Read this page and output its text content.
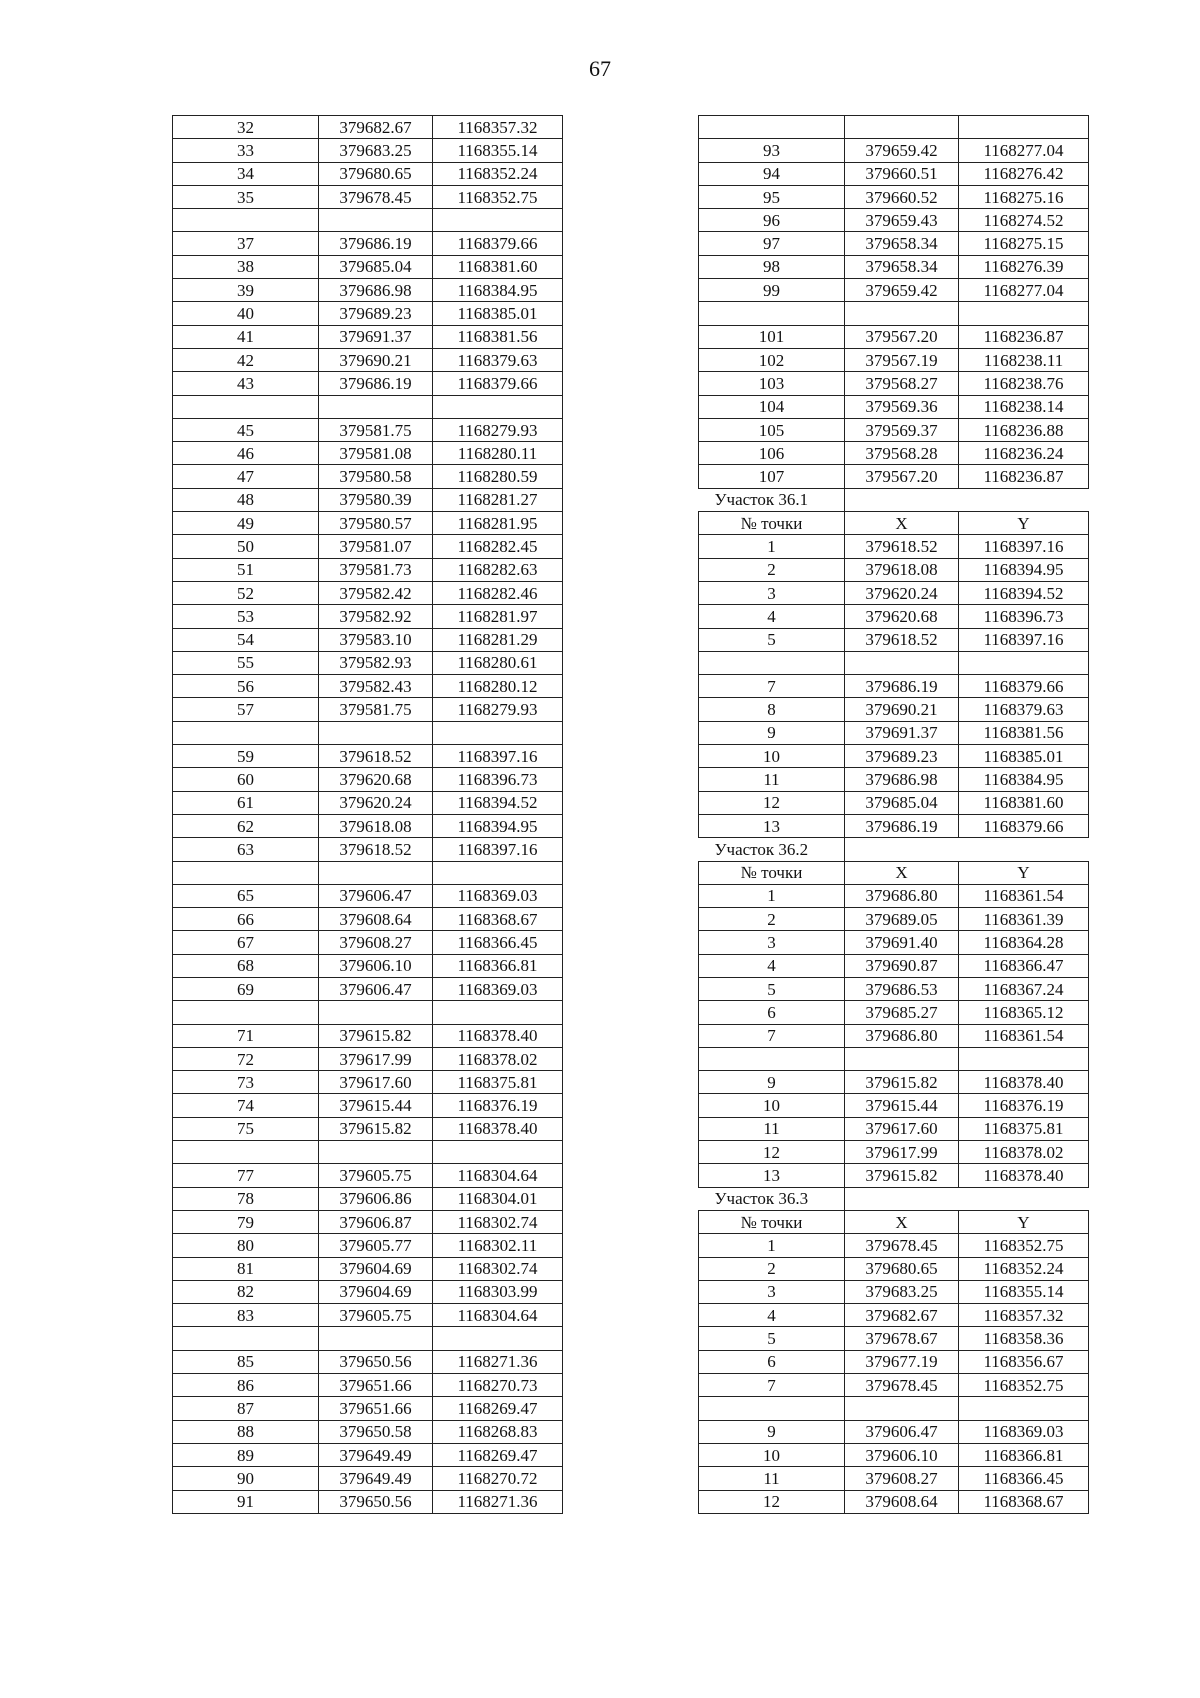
67
32	379682.67	1168357.32
33	379683.25	1168355.14
34	379680.65	1168352.24
35	379678.45	1168352.75

37	379686.19	1168379.66
38	379685.04	1168381.60
39	379686.98	1168384.95
40	379689.23	1168385.01
41	379691.37	1168381.56
42	379690.21	1168379.63
43	379686.19	1168379.66

45	379581.75	1168279.93
46	379581.08	1168280.11
47	379580.58	1168280.59
48	379580.39	1168281.27
49	379580.57	1168281.95
50	379581.07	1168282.45
51	379581.73	1168282.63
52	379582.42	1168282.46
53	379582.92	1168281.97
54	379583.10	1168281.29
55	379582.93	1168280.61
56	379582.43	1168280.12
57	379581.75	1168279.93

59	379618.52	1168397.16
60	379620.68	1168396.73
61	379620.24	1168394.52
62	379618.08	1168394.95
63	379618.52	1168397.16

65	379606.47	1168369.03
66	379608.64	1168368.67
67	379608.27	1168366.45
68	379606.10	1168366.81
69	379606.47	1168369.03

71	379615.82	1168378.40
72	379617.99	1168378.02
73	379617.60	1168375.81
74	379615.44	1168376.19
75	379615.82	1168378.40

77	379605.75	1168304.64
78	379606.86	1168304.01
79	379606.87	1168302.74
80	379605.77	1168302.11
81	379604.69	1168302.74
82	379604.69	1168303.99
83	379605.75	1168304.64

85	379650.56	1168271.36
86	379651.66	1168270.73
87	379651.66	1168269.47
88	379650.58	1168268.83
89	379649.49	1168269.47
90	379649.49	1168270.72
91	379650.56	1168271.36

93	379659.42	1168277.04
94	379660.51	1168276.42
95	379660.52	1168275.16
96	379659.43	1168274.52
97	379658.34	1168275.15
98	379658.34	1168276.39
99	379659.42	1168277.04

101	379567.20	1168236.87
102	379567.19	1168238.11
103	379568.27	1168238.76
104	379569.36	1168238.14
105	379569.37	1168236.88
106	379568.28	1168236.24
107	379567.20	1168236.87
Участок 36.1		
№ точки	X	Y
1	379618.52	1168397.16
2	379618.08	1168394.95
3	379620.24	1168394.52
4	379620.68	1168396.73
5	379618.52	1168397.16

7	379686.19	1168379.66
8	379690.21	1168379.63
9	379691.37	1168381.56
10	379689.23	1168385.01
11	379686.98	1168384.95
12	379685.04	1168381.60
13	379686.19	1168379.66
Участок 36.2		
№ точки	X	Y
1	379686.80	1168361.54
2	379689.05	1168361.39
3	379691.40	1168364.28
4	379690.87	1168366.47
5	379686.53	1168367.24
6	379685.27	1168365.12
7	379686.80	1168361.54

9	379615.82	1168378.40
10	379615.44	1168376.19
11	379617.60	1168375.81
12	379617.99	1168378.02
13	379615.82	1168378.40
Участок 36.3		
№ точки	X	Y
1	379678.45	1168352.75
2	379680.65	1168352.24
3	379683.25	1168355.14
4	379682.67	1168357.32
5	379678.67	1168358.36
6	379677.19	1168356.67
7	379678.45	1168352.75

9	379606.47	1168369.03
10	379606.10	1168366.81
11	379608.27	1168366.45
12	379608.64	1168368.67
